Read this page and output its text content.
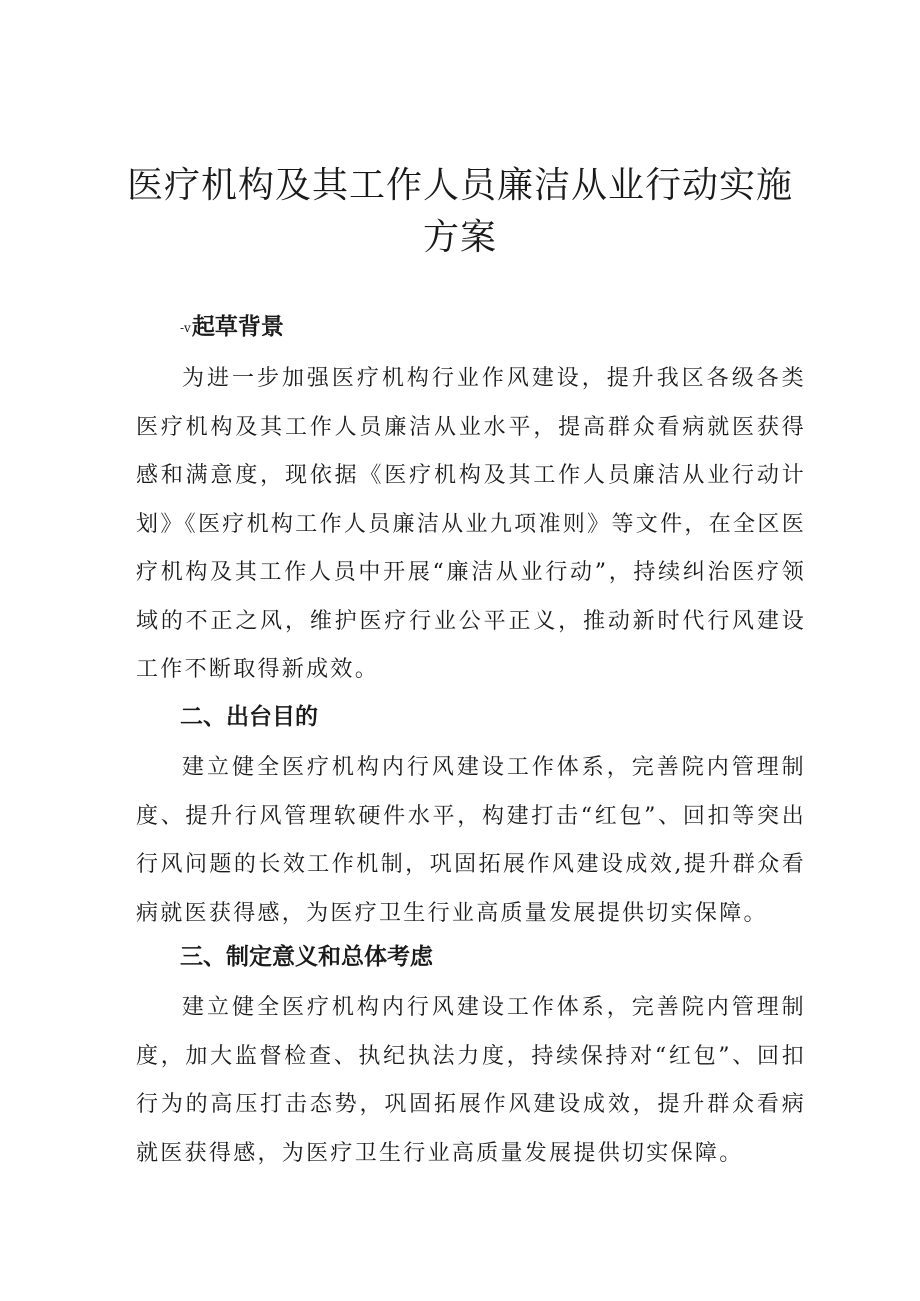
医疗机构及其工作人员廉洁从业行动实施
方案
-v起草背景

为进一步加强医疗机构行业作风建设，提升我区各级各类医疗机构及其工作人员廉洁从业水平，提高群众看病就医获得感和满意度，现依据《医疗机构及其工作人员廉洁从业行动计划》《医疗机构工作人员廉洁从业九项准则》等文件，在全区医疗机构及其工作人员中开展“廉洁从业行动”，持续纠治医疗领域的不正之风，维护医疗行业公平正义，推动新时代行风建设工作不断取得新成效。

二、出台目的

建立健全医疗机构内行风建设工作体系，完善院内管理制度、提升行风管理软硬件水平，构建打击“红包”、回扣等突出行风问题的长效工作机制，巩固拓展作风建设成效,提升群众看病就医获得感，为医疗卫生行业高质量发展提供切实保障。

三、制定意义和总体考虑

建立健全医疗机构内行风建设工作体系，完善院内管理制度，加大监督检查、执纪执法力度，持续保持对“红包”、回扣行为的高压打击态势，巩固拓展作风建设成效，提升群众看病就医获得感，为医疗卫生行业高质量发展提供切实保障。
